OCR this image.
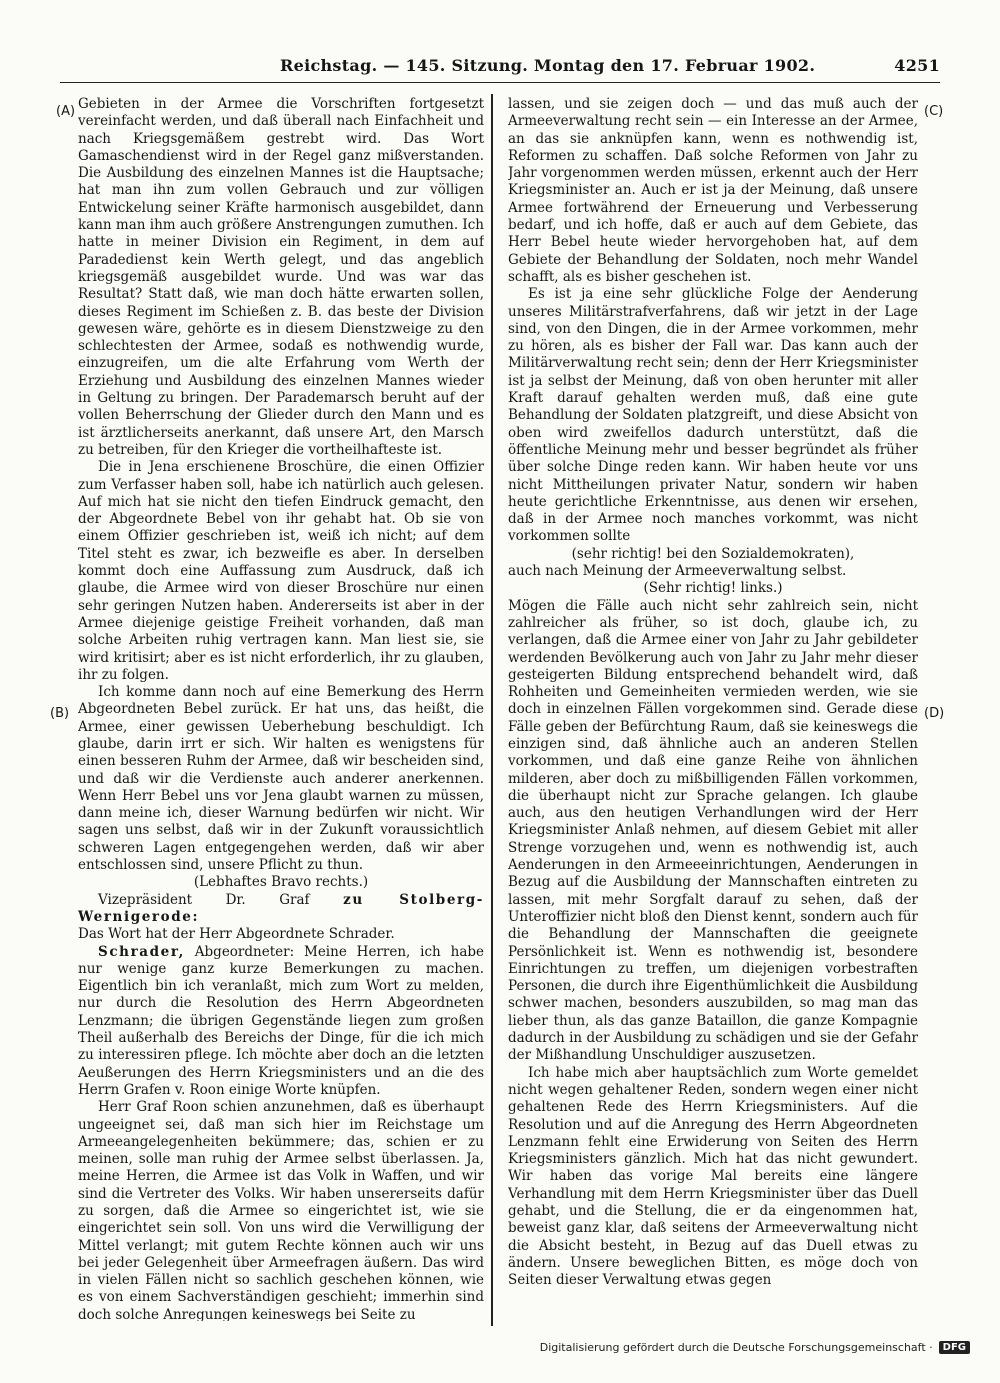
Reichstag. — 145. Sitzung. Montag den 17. Februar 1902.	4251
(A)
(B)
(C)
(D)

Gebieten in der Armee die Vorschriften fortgesetzt vereinfacht werden, und daß überall nach Einfachheit und nach Kriegsgemäßem gestrebt wird. Das Wort Gamaschendienst wird in der Regel ganz mißverstanden. Die Ausbildung des einzelnen Mannes ist die Hauptsache; hat man ihn zum vollen Gebrauch und zur völligen Entwickelung seiner Kräfte harmonisch ausgebildet, dann kann man ihm auch größere Anstrengungen zumuthen. Ich hatte in meiner Division ein Regiment, in dem auf Paradedienst kein Werth gelegt, und das angeblich kriegsgemäß ausgebildet wurde. Und was war das Resultat? Statt daß, wie man doch hätte erwarten sollen, dieses Regiment im Schießen z. B. das beste der Division gewesen wäre, gehörte es in diesem Dienstzweige zu den schlechtesten der Armee, sodaß es nothwendig wurde, einzugreifen, um die alte Erfahrung vom Werth der Erziehung und Ausbildung des einzelnen Mannes wieder in Geltung zu bringen. Der Parademarsch beruht auf der vollen Beherrschung der Glieder durch den Mann und es ist ärztlicherseits anerkannt, daß unsere Art, den Marsch zu betreiben, für den Krieger die vortheilhafteste ist.

Die in Jena erschienene Broschüre, die einen Offizier zum Verfasser haben soll, habe ich natürlich auch gelesen. Auf mich hat sie nicht den tiefen Eindruck gemacht, den der Abgeordnete Bebel von ihr gehabt hat. Ob sie von einem Offizier geschrieben ist, weiß ich nicht; auf dem Titel steht es zwar, ich bezweifle es aber. In derselben kommt doch eine Auffassung zum Ausdruck, daß ich glaube, die Armee wird von dieser Broschüre nur einen sehr geringen Nutzen haben. Andererseits ist aber in der Armee diejenige geistige Freiheit vorhanden, daß man solche Arbeiten ruhig vertragen kann. Man liest sie, sie wird kritisirt; aber es ist nicht erforderlich, ihr zu glauben, ihr zu folgen.

Ich komme dann noch auf eine Bemerkung des Herrn Abgeordneten Bebel zurück. Er hat uns, das heißt, die Armee, einer gewissen Ueberhebung beschuldigt. Ich glaube, darin irrt er sich. Wir halten es wenigstens für einen besseren Ruhm der Armee, daß wir bescheiden sind, und daß wir die Verdienste auch anderer anerkennen. Wenn Herr Bebel uns vor Jena glaubt warnen zu müssen, dann meine ich, dieser Warnung bedürfen wir nicht. Wir sagen uns selbst, daß wir in der Zukunft voraussichtlich schweren Lagen entgegengehen werden, daß wir aber entschlossen sind, unsere Pflicht zu thun.

(Lebhaftes Bravo rechts.)

Vizepräsident Dr. Graf zu Stolberg-Wernigerode:

Das Wort hat der Herr Abgeordnete Schrader.

Schrader, Abgeordneter: Meine Herren, ich habe nur wenige ganz kurze Bemerkungen zu machen. Eigentlich bin ich veranlaßt, mich zum Wort zu melden, nur durch die Resolution des Herrn Abgeordneten Lenzmann; die übrigen Gegenstände liegen zum großen Theil außerhalb des Bereichs der Dinge, für die ich mich zu interessiren pflege. Ich möchte aber doch an die letzten Aeußerungen des Herrn Kriegsministers und an die des Herrn Grafen v. Roon einige Worte knüpfen.

Herr Graf Roon schien anzunehmen, daß es überhaupt ungeeignet sei, daß man sich hier im Reichstage um Armeeangelegenheiten bekümmere; das, schien er zu meinen, solle man ruhig der Armee selbst überlassen. Ja, meine Herren, die Armee ist das Volk in Waffen, und wir sind die Vertreter des Volks. Wir haben unsererseits dafür zu sorgen, daß die Armee so eingerichtet ist, wie sie eingerichtet sein soll. Von uns wird die Verwilligung der Mittel verlangt; mit gutem Rechte können auch wir uns bei jeder Gelegenheit über Armeefragen äußern. Das wird in vielen Fällen nicht so sachlich geschehen können, wie es von einem Sachverständigen geschieht; immerhin sind doch solche Anregungen keineswegs bei Seite zu

lassen, und sie zeigen doch — und das muß auch der Armeeverwaltung recht sein — ein Interesse an der Armee, an das sie anknüpfen kann, wenn es nothwendig ist, Reformen zu schaffen. Daß solche Reformen von Jahr zu Jahr vorgenommen werden müssen, erkennt auch der Herr Kriegsminister an. Auch er ist ja der Meinung, daß unsere Armee fortwährend der Erneuerung und Verbesserung bedarf, und ich hoffe, daß er auch auf dem Gebiete, das Herr Bebel heute wieder hervorgehoben hat, auf dem Gebiete der Behandlung der Soldaten, noch mehr Wandel schafft, als es bisher geschehen ist.

Es ist ja eine sehr glückliche Folge der Aenderung unseres Militärstrafverfahrens, daß wir jetzt in der Lage sind, von den Dingen, die in der Armee vorkommen, mehr zu hören, als es bisher der Fall war. Das kann auch der Militärverwaltung recht sein; denn der Herr Kriegsminister ist ja selbst der Meinung, daß von oben herunter mit aller Kraft darauf gehalten werden muß, daß eine gute Behandlung der Soldaten platzgreift, und diese Absicht von oben wird zweifellos dadurch unterstützt, daß die öffentliche Meinung mehr und besser begründet als früher über solche Dinge reden kann. Wir haben heute vor uns nicht Mittheilungen privater Natur, sondern wir haben heute gerichtliche Erkenntnisse, aus denen wir ersehen, daß in der Armee noch manches vorkommt, was nicht vorkommen sollte

(sehr richtig! bei den Sozialdemokraten),

auch nach Meinung der Armeeverwaltung selbst.

(Sehr richtig! links.)

Mögen die Fälle auch nicht sehr zahlreich sein, nicht zahlreicher als früher, so ist doch, glaube ich, zu verlangen, daß die Armee einer von Jahr zu Jahr gebildeter werdenden Bevölkerung auch von Jahr zu Jahr mehr dieser gesteigerten Bildung entsprechend behandelt wird, daß Rohheiten und Gemeinheiten vermieden werden, wie sie doch in einzelnen Fällen vorgekommen sind. Gerade diese Fälle geben der Befürchtung Raum, daß sie keineswegs die einzigen sind, daß ähnliche auch an anderen Stellen vorkommen, und daß eine ganze Reihe von ähnlichen milderen, aber doch zu mißbilligenden Fällen vorkommen, die überhaupt nicht zur Sprache gelangen. Ich glaube auch, aus den heutigen Verhandlungen wird der Herr Kriegsminister Anlaß nehmen, auf diesem Gebiet mit aller Strenge vorzugehen und, wenn es nothwendig ist, auch Aenderungen in den Armeeeinrichtungen, Aenderungen in Bezug auf die Ausbildung der Mannschaften eintreten zu lassen, mit mehr Sorgfalt darauf zu sehen, daß der Unteroffizier nicht bloß den Dienst kennt, sondern auch für die Behandlung der Mannschaften die geeignete Persönlichkeit ist. Wenn es nothwendig ist, besondere Einrichtungen zu treffen, um diejenigen vorbestraften Personen, die durch ihre Eigenthümlichkeit die Ausbildung schwer machen, besonders auszubilden, so mag man das lieber thun, als das ganze Bataillon, die ganze Kompagnie dadurch in der Ausbildung zu schädigen und sie der Gefahr der Mißhandlung Unschuldiger auszusetzen.

Ich habe mich aber hauptsächlich zum Worte gemeldet nicht wegen gehaltener Reden, sondern wegen einer nicht gehaltenen Rede des Herrn Kriegsministers. Auf die Resolution und auf die Anregung des Herrn Abgeordneten Lenzmann fehlt eine Erwiderung von Seiten des Herrn Kriegsministers gänzlich. Mich hat das nicht gewundert. Wir haben das vorige Mal bereits eine längere Verhandlung mit dem Herrn Kriegsminister über das Duell gehabt, und die Stellung, die er da eingenommen hat, beweist ganz klar, daß seitens der Armeeverwaltung nicht die Absicht besteht, in Bezug auf das Duell etwas zu ändern. Unsere beweglichen Bitten, es möge doch von Seiten dieser Verwaltung etwas gegen

Digitalisierung gefördert durch die Deutsche Forschungsgemeinschaft ·	DFG
